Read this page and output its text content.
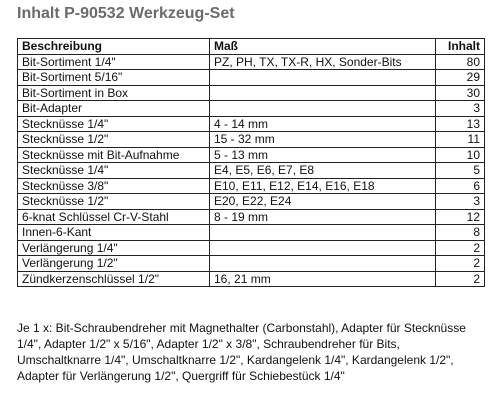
Inhalt P-90532 Werkzeug-Set
Beschreibung	Maß	Inhalt
Bit-Sortiment 1/4"	PZ, PH, TX, TX-R, HX, Sonder-Bits	80
Bit-Sortiment 5/16"		29
Bit-Sortiment in Box		30
Bit-Adapter		3
Stecknüsse 1/4"	4 - 14 mm	13
Stecknüsse 1/2"	15 - 32 mm	11
Stecknüsse mit Bit-Aufnahme	5 - 13 mm	10
Stecknüsse 1/4"	E4, E5, E6, E7, E8	5
Stecknüsse 3/8"	E10, E11, E12, E14, E16, E18	6
Stecknüsse 1/2"	E20, E22, E24	3
6-knat Schlüssel Cr-V-Stahl	8 - 19 mm	12
Innen-6-Kant		8
Verlängerung 1/4"		2
Verlängerung 1/2"		2
Zündkerzenschlüssel 1/2"	16, 21 mm	2
Je 1 x: Bit-Schraubendreher mit Magnethalter (Carbonstahl), Adapter für Stecknüsse 1/4", Adapter 1/2" x 5/16", Adapter 1/2" x 3/8", Schraubendreher für Bits, Umschaltknarre 1/4", Umschaltknarre 1/2", Kardangelenk 1/4", Kardangelenk 1/2", Adapter für Verlängerung 1/2", Quergriff für Schiebestück 1/4"
